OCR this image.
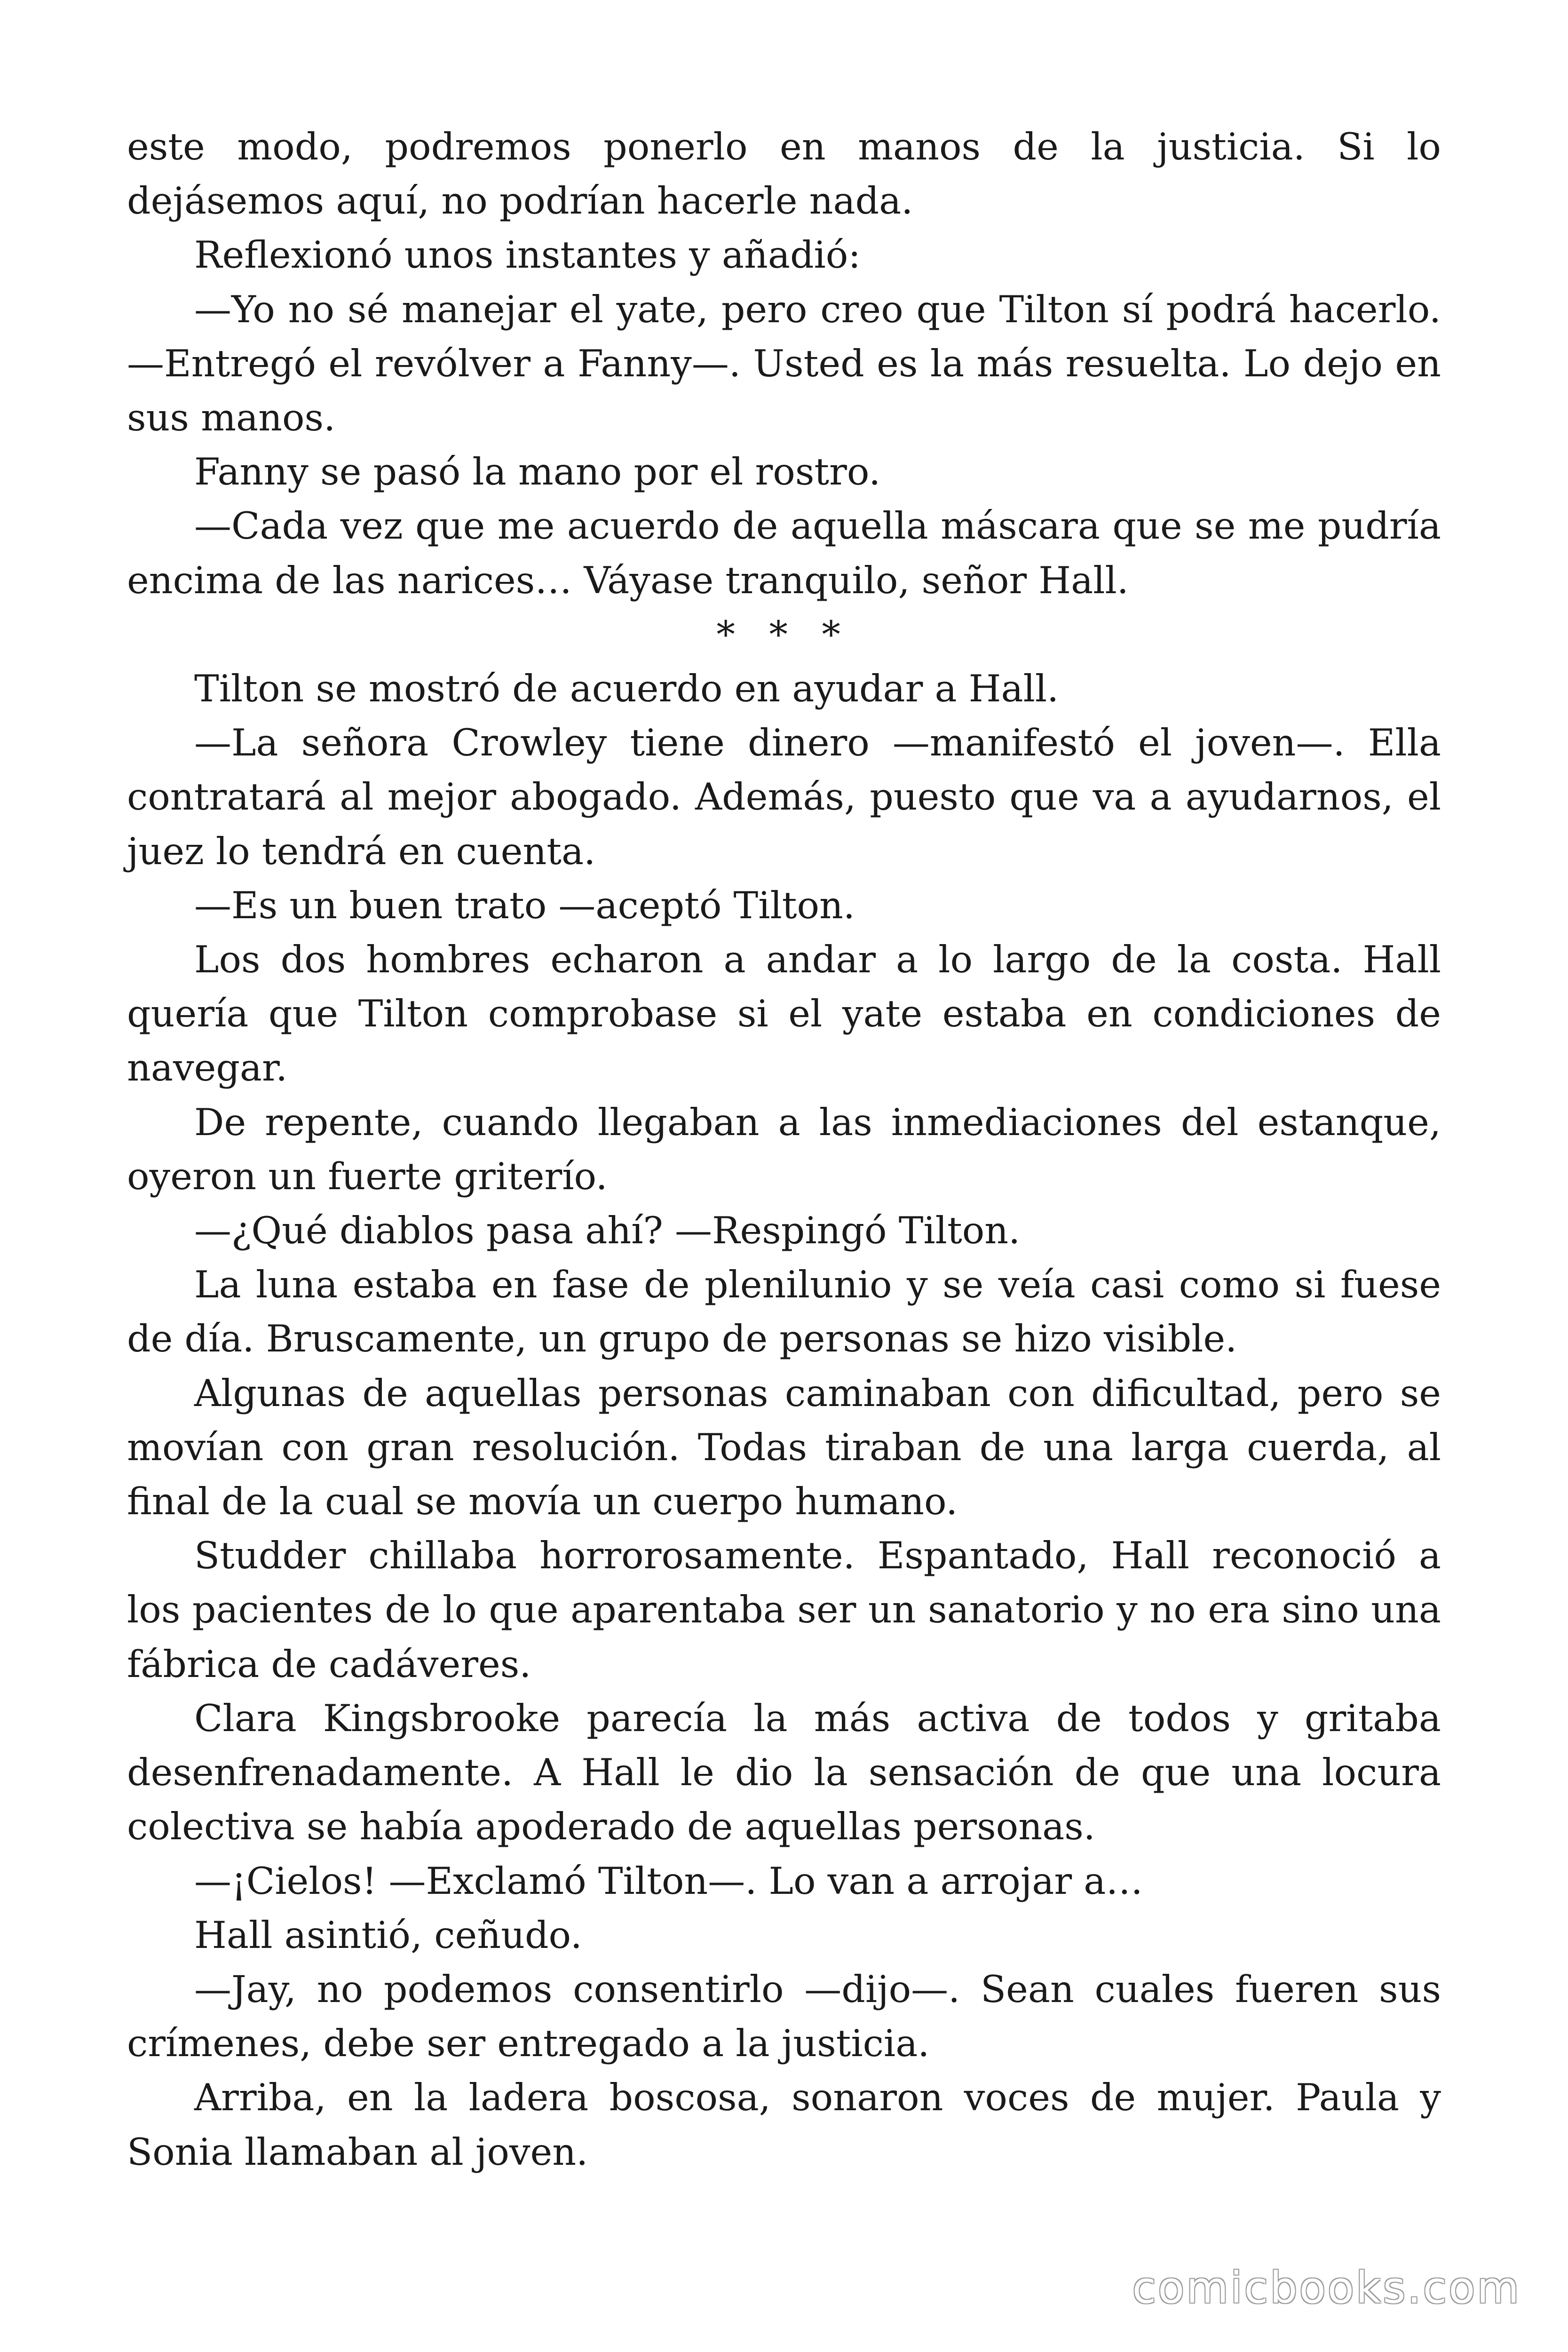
este modo, podremos ponerlo en manos de la justicia. Si lo dejásemos aquí, no podrían hacerle nada.

Reflexionó unos instantes y añadió:

—Yo no sé manejar el yate, pero creo que Tilton sí podrá hacerlo. —Entregó el revólver a Fanny—. Usted es la más resuelta. Lo dejo en sus manos.

Fanny se pasó la mano por el rostro.

—Cada vez que me acuerdo de aquella máscara que se me pudría encima de las narices… Váyase tranquilo, señor Hall.

* * *

Tilton se mostró de acuerdo en ayudar a Hall.

—La señora Crowley tiene dinero —manifestó el joven—. Ella contratará al mejor abogado. Además, puesto que va a ayudarnos, el juez lo tendrá en cuenta.

—Es un buen trato —aceptó Tilton.

Los dos hombres echaron a andar a lo largo de la costa. Hall quería que Tilton comprobase si el yate estaba en condiciones de navegar.

De repente, cuando llegaban a las inmediaciones del estanque, oyeron un fuerte griterío.

—¿Qué diablos pasa ahí? —Respingó Tilton.

La luna estaba en fase de plenilunio y se veía casi como si fuese de día. Bruscamente, un grupo de personas se hizo visible.

Algunas de aquellas personas caminaban con dificultad, pero se movían con gran resolución. Todas tiraban de una larga cuerda, al final de la cual se movía un cuerpo humano.

Studder chillaba horrorosamente. Espantado, Hall reconoció a los pacientes de lo que aparentaba ser un sanatorio y no era sino una fábrica de cadáveres.

Clara Kingsbrooke parecía la más activa de todos y gritaba desenfrenadamente. A Hall le dio la sensación de que una locura colectiva se había apoderado de aquellas personas.

—¡Cielos! —Exclamó Tilton—. Lo van a arrojar a…

Hall asintió, ceñudo.

—Jay, no podemos consentirlo —dijo—. Sean cuales fueren sus crímenes, debe ser entregado a la justicia.

Arriba, en la ladera boscosa, sonaron voces de mujer. Paula y Sonia llamaban al joven.

comicbooks.com
